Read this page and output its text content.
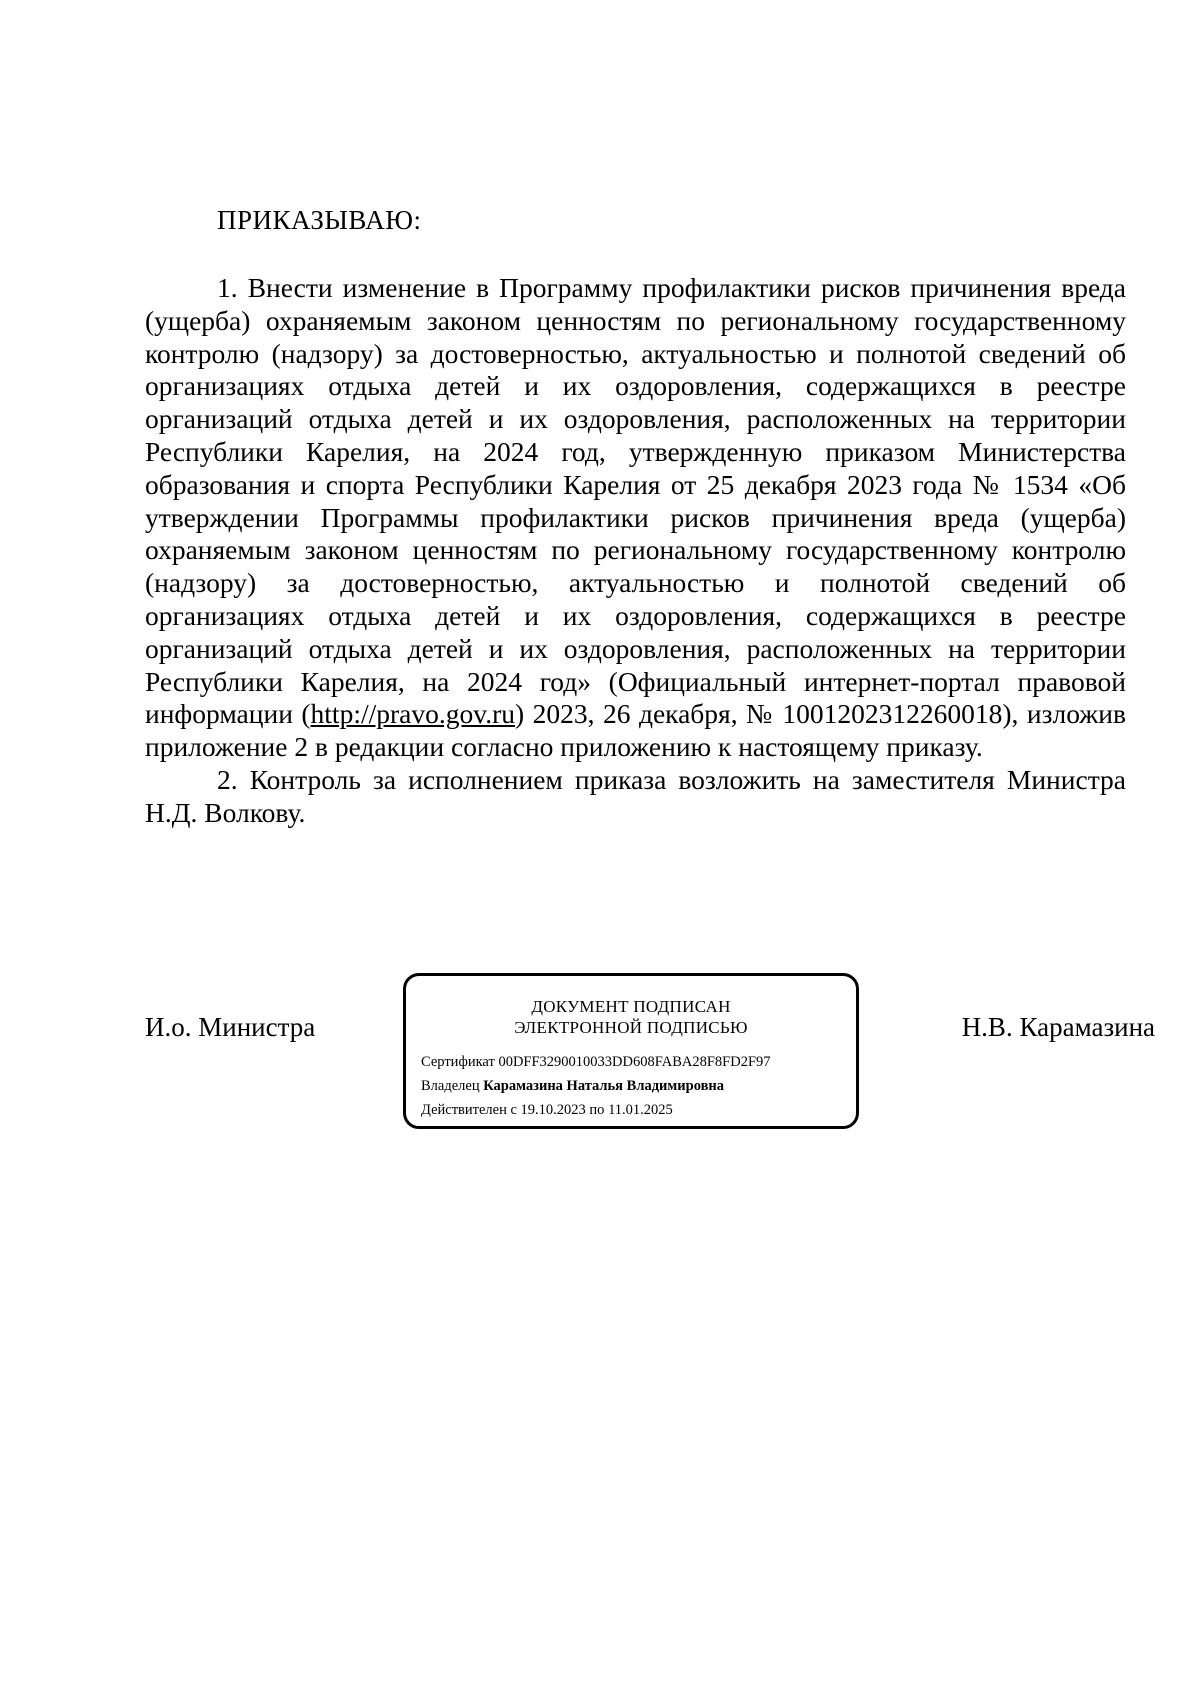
ПРИКАЗЫВАЮ:

1. Внести изменение в Программу профилактики рисков причинения вреда (ущерба) охраняемым законом ценностям по региональному государственному контролю (надзору) за достоверностью, актуальностью и полнотой сведений об организациях отдыха детей и их оздоровления, содержащихся в реестре организаций отдыха детей и их оздоровления, расположенных на территории Республики Карелия, на 2024 год, утвержденную приказом Министерства образования и спорта Республики Карелия от 25 декабря 2023 года № 1534 «Об утверждении Программы профилактики рисков причинения вреда (ущерба) охраняемым законом ценностям по региональному государственному контролю (надзору) за достоверностью, актуальностью и полнотой сведений об организациях отдыха детей и их оздоровления, содержащихся в реестре организаций отдыха детей и их оздоровления, расположенных на территории Республики Карелия, на 2024 год» (Официальный интернет-портал правовой информации (http://pravo.gov.ru) 2023, 26 декабря, № 1001202312260018), изложив приложение 2 в редакции согласно приложению к настоящему приказу.

2. Контроль за исполнением приказа возложить на заместителя Министра Н.Д. Волкову.

И.о. Министра
ДОКУМЕНТ ПОДПИСАН
ЭЛЕКТРОННОЙ ПОДПИСЬЮ
Сертификат 00DFF3290010033DD608FABA28F8FD2F97
Владелец Карамазина Наталья Владимировна
Действителен с 19.10.2023 по 11.01.2025
Н.В. Карамазина
